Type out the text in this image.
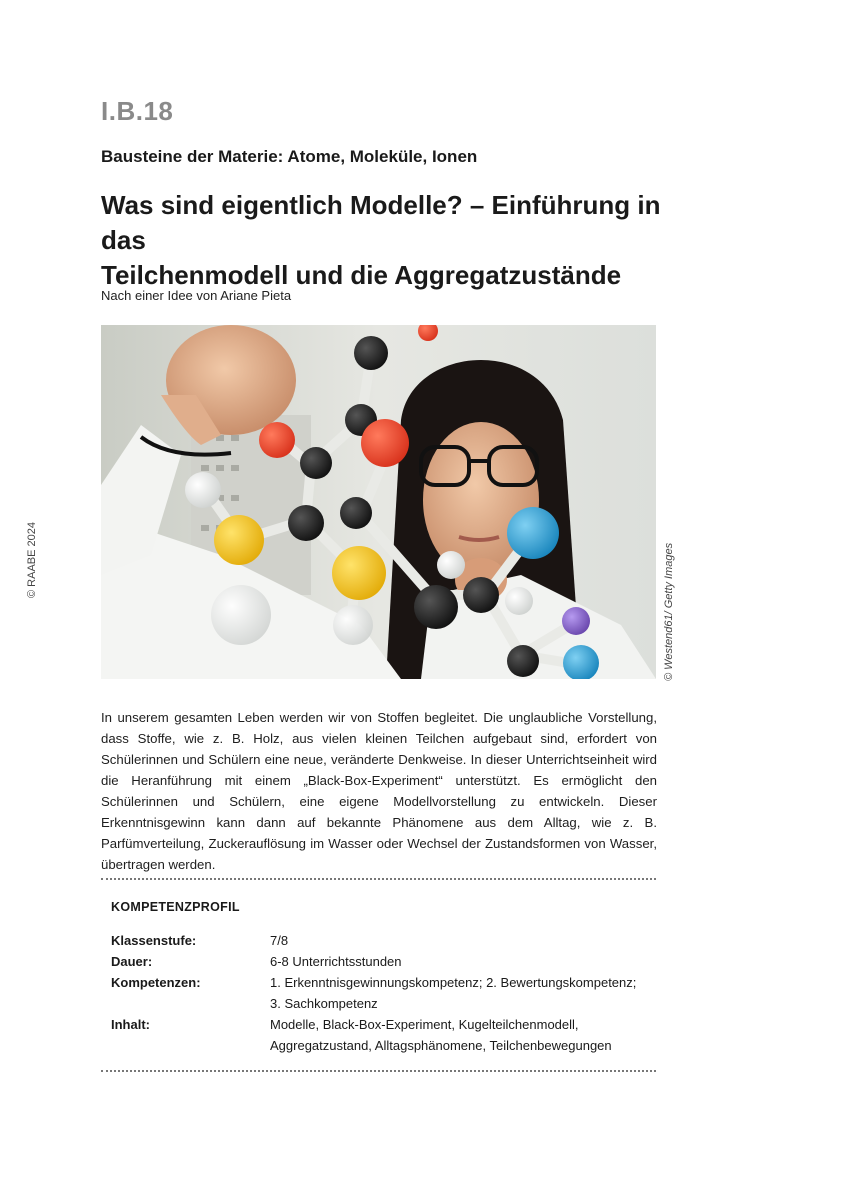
I.B.18

Bausteine der Materie: Atome, Moleküle, Ionen

Was sind eigentlich Modelle? – Einführung in das
Teilchenmodell und die Aggregatzustände

Nach einer Idee von Ariane Pieta

© RAABE 2024	© Westend61/ Getty Images

In unserem gesamten Leben werden wir von Stoffen begleitet. Die unglaubliche Vorstellung, dass Stoffe, wie z. B. Holz, aus vielen kleinen Teilchen aufgebaut sind, erfordert von Schülerinnen und Schülern eine neue, veränderte Denkweise. In dieser Unterrichtseinheit wird die Heranführung mit einem „Black-Box-Experiment“ unterstützt. Es ermöglicht den Schülerinnen und Schülern, eine eigene Modellvorstellung zu entwickeln. Dieser Erkenntnisgewinn kann dann auf bekannte Phänomene aus dem Alltag, wie z. B. Parfümverteilung, Zuckerauflösung im Wasser oder Wechsel der Zustandsformen von Wasser, übertragen werden.

KOMPETENZPROFIL

Klassenstufe:	7/8
Dauer:	6-8 Unterrichtsstunden
Kompetenzen:	1. Erkenntnisgewinnungskompetenz; 2. Bewertungskompetenz; 3. Sachkompetenz
Inhalt:	Modelle, Black-Box-Experiment, Kugelteilchenmodell, Aggregatzustand, Alltagsphänomene, Teilchenbewegungen
